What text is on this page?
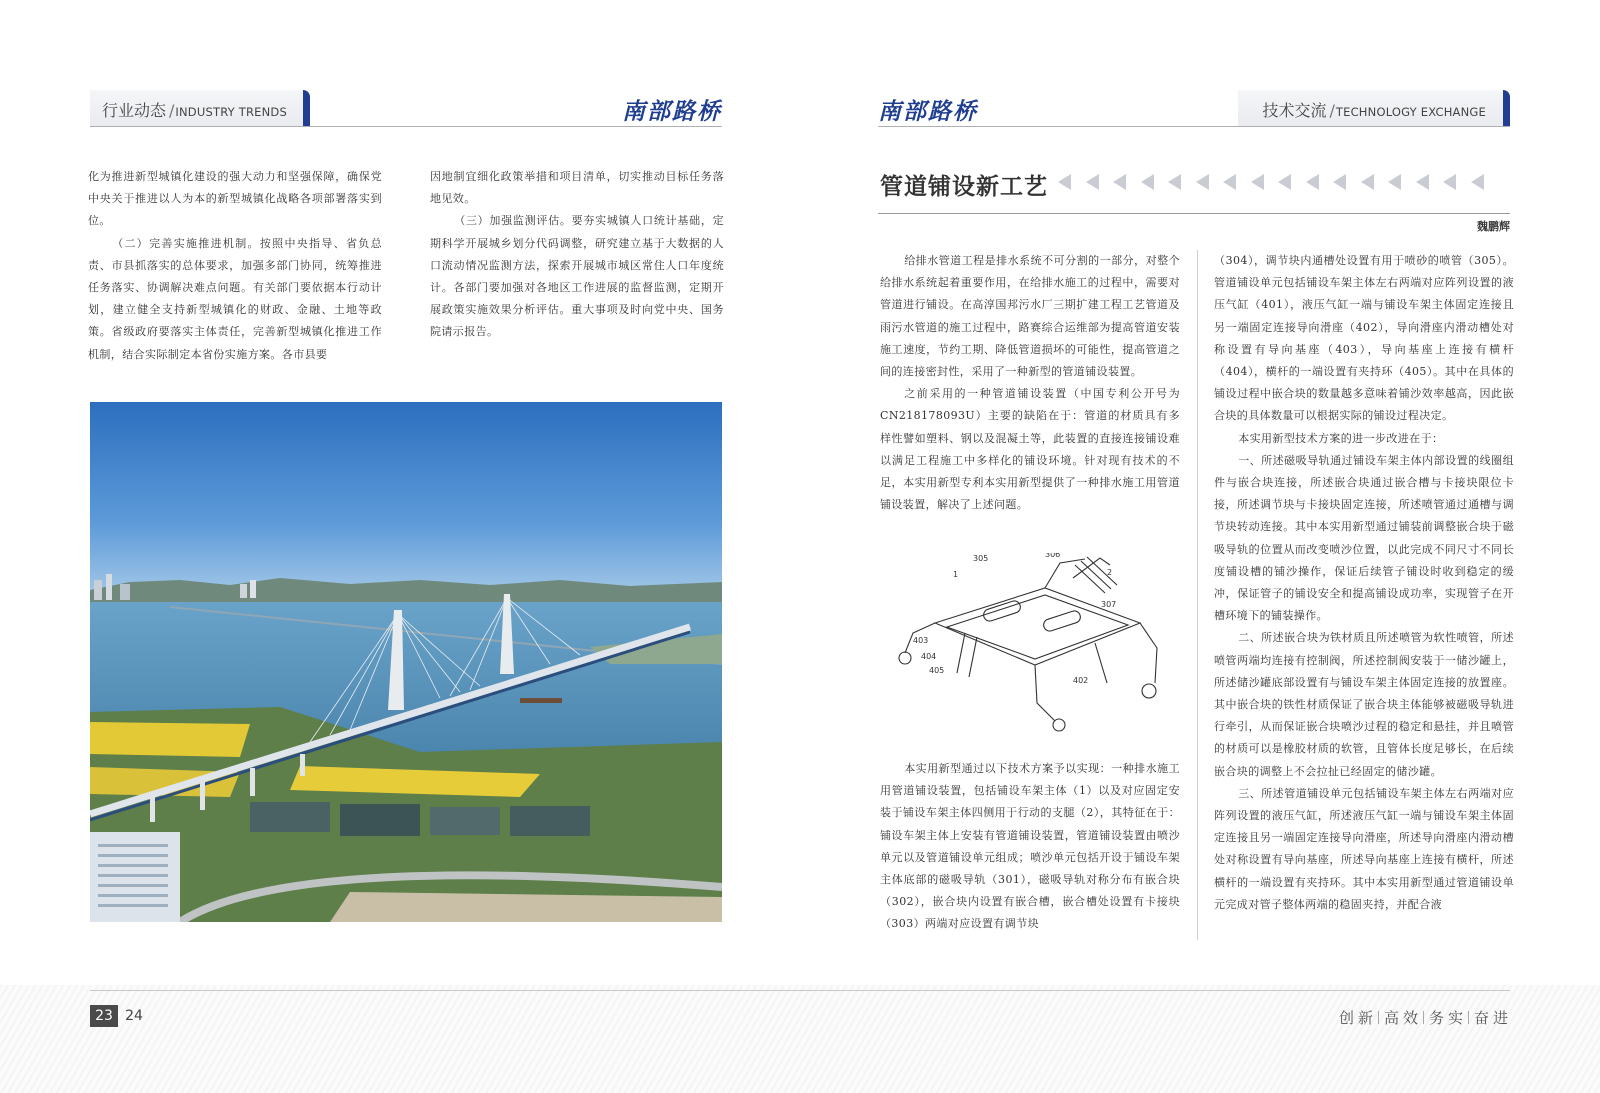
行业动态 /INDUSTRY TRENDS	南部路桥

化为推进新型城镇化建设的强大动力和坚强保障，确保党中央关于推进以人为本的新型城镇化战略各项部署落实到位。

（二）完善实施推进机制。按照中央指导、省负总责、市县抓落实的总体要求，加强多部门协同，统筹推进任务落实、协调解决难点问题。有关部门要依据本行动计划，建立健全支持新型城镇化的财政、金融、土地等政策。省级政府要落实主体责任，完善新型城镇化推进工作机制，结合实际制定本省份实施方案。各市县要

因地制宜细化政策举措和项目清单，切实推动目标任务落地见效。

（三）加强监测评估。要夯实城镇人口统计基础，定期科学开展城乡划分代码调整，研究建立基于大数据的人口流动情况监测方法，探索开展城市城区常住人口年度统计。各部门要加强对各地区工作进展的监督监测，定期开展政策实施效果分析评估。重大事项及时向党中央、国务院请示报告。

南部路桥	技术交流 /TECHNOLOGY EXCHANGE
管道铺设新工艺
魏鹏辉

给排水管道工程是排水系统不可分割的一部分，对整个给排水系统起着重要作用，在给排水施工的过程中，需要对管道进行铺设。在高淳国邦污水厂三期扩建工程工艺管道及雨污水管道的施工过程中，路赛综合运维部为提高管道安装施工速度，节约工期、降低管道损坏的可能性，提高管道之间的连接密封性，采用了一种新型的管道铺设装置。

之前采用的一种管道铺设装置（中国专利公开号为CN218178093U）主要的缺陷在于：管道的材质具有多样性譬如塑料、钢以及混凝土等，此装置的直接连接铺设难以满足工程施工中多样化的铺设环境。针对现有技术的不足，本实用新型专利本实用新型提供了一种排水施工用管道铺设装置，解决了上述问题。

1
305	306
2
307
403
404
405
402

本实用新型通过以下技术方案予以实现：一种排水施工用管道铺设装置，包括铺设车架主体（1）以及对应固定安装于铺设车架主体四侧用于行动的支腿（2），其特征在于：铺设车架主体上安装有管道铺设装置，管道铺设装置由喷沙单元以及管道铺设单元组成；喷沙单元包括开设于铺设车架主体底部的磁吸导轨（301），磁吸导轨对称分布有嵌合块（302），嵌合块内设置有嵌合槽，嵌合槽处设置有卡接块（303）两端对应设置有调节块

（304），调节块内通槽处设置有用于喷砂的喷管（305）。管道铺设单元包括铺设车架主体左右两端对应阵列设置的液压气缸（401），液压气缸一端与铺设车架主体固定连接且另一端固定连接导向滑座（402），导向滑座内滑动槽处对称设置有导向基座（403），导向基座上连接有横杆（404），横杆的一端设置有夹持环（405）。其中在具体的铺设过程中嵌合块的数量越多意味着铺沙效率越高，因此嵌合块的具体数量可以根据实际的铺设过程决定。

本实用新型技术方案的进一步改进在于：

一、所述磁吸导轨通过铺设车架主体内部设置的线圈组件与嵌合块连接，所述嵌合块通过嵌合槽与卡接块限位卡接，所述调节块与卡接块固定连接，所述喷管通过通槽与调节块转动连接。其中本实用新型通过铺装前调整嵌合块于磁吸导轨的位置从而改变喷沙位置，以此完成不同尺寸不同长度铺设槽的铺沙操作，保证后续管子铺设时收到稳定的缓冲，保证管子的铺设安全和提高铺设成功率，实现管子在开槽环境下的铺装操作。

二、所述嵌合块为铁材质且所述喷管为软性喷管，所述喷管两端均连接有控制阀，所述控制阀安装于一储沙罐上，所述储沙罐底部设置有与铺设车架主体固定连接的放置座。其中嵌合块的铁性材质保证了嵌合块主体能够被磁吸导轨进行牵引，从而保证嵌合块喷沙过程的稳定和悬挂，并且喷管的材质可以是橡胶材质的软管，且管体长度足够长，在后续嵌合块的调整上不会拉扯已经固定的储沙罐。

三、所述管道铺设单元包括铺设车架主体左右两端对应阵列设置的液压气缸，所述液压气缸一端与铺设车架主体固定连接且另一端固定连接导向滑座，所述导向滑座内滑动槽处对称设置有导向基座，所述导向基座上连接有横杆，所述横杆的一端设置有夹持环。其中本实用新型通过管道铺设单元完成对管子整体两端的稳固夹持，并配合液

23 24	创新 高效 务实 奋进
